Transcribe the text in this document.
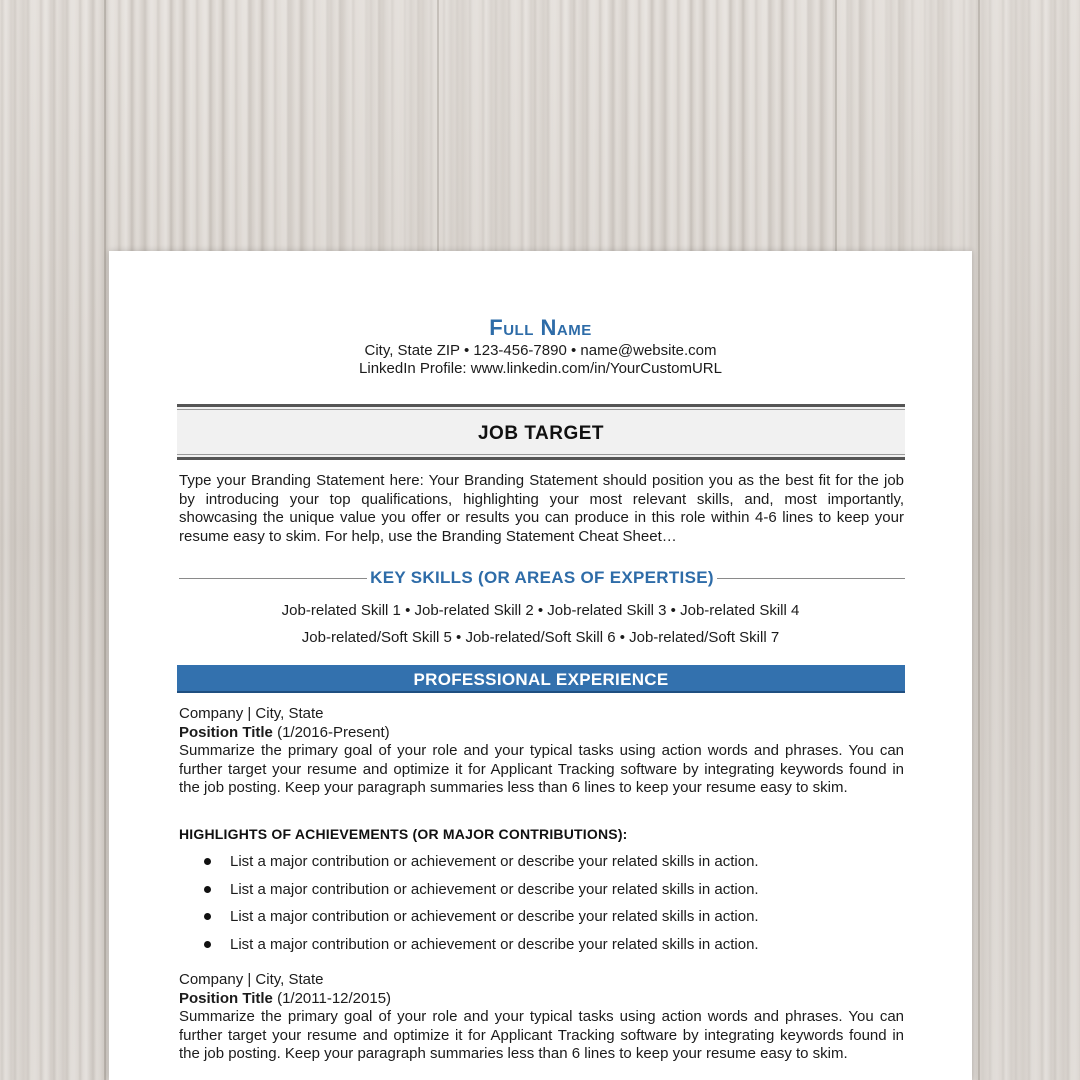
Full Name
City, State ZIP • 123-456-7890 • name@website.com
LinkedIn Profile: www.linkedin.com/in/YourCustomURL
JOB TARGET
Type your Branding Statement here: Your Branding Statement should position you as the best fit for the job by introducing your top qualifications, highlighting your most relevant skills, and, most importantly, showcasing the unique value you offer or results you can produce in this role within 4-6 lines to keep your resume easy to skim. For help, use the Branding Statement Cheat Sheet…
KEY SKILLS (OR AREAS OF EXPERTISE)
Job-related Skill 1 • Job-related Skill 2 • Job-related Skill 3 • Job-related Skill 4
Job-related/Soft Skill 5 • Job-related/Soft Skill 6 • Job-related/Soft Skill 7
PROFESSIONAL EXPERIENCE
Company | City, State
Position Title (1/2016-Present)
Summarize the primary goal of your role and your typical tasks using action words and phrases. You can further target your resume and optimize it for Applicant Tracking software by integrating keywords found in the job posting. Keep your paragraph summaries less than 6 lines to keep your resume easy to skim.
HIGHLIGHTS OF ACHIEVEMENTS (OR MAJOR CONTRIBUTIONS):
List a major contribution or achievement or describe your related skills in action.
List a major contribution or achievement or describe your related skills in action.
List a major contribution or achievement or describe your related skills in action.
List a major contribution or achievement or describe your related skills in action.
Company | City, State
Position Title (1/2011-12/2015)
Summarize the primary goal of your role and your typical tasks using action words and phrases. You can further target your resume and optimize it for Applicant Tracking software by integrating keywords found in the job posting. Keep your paragraph summaries less than 6 lines to keep your resume easy to skim.
